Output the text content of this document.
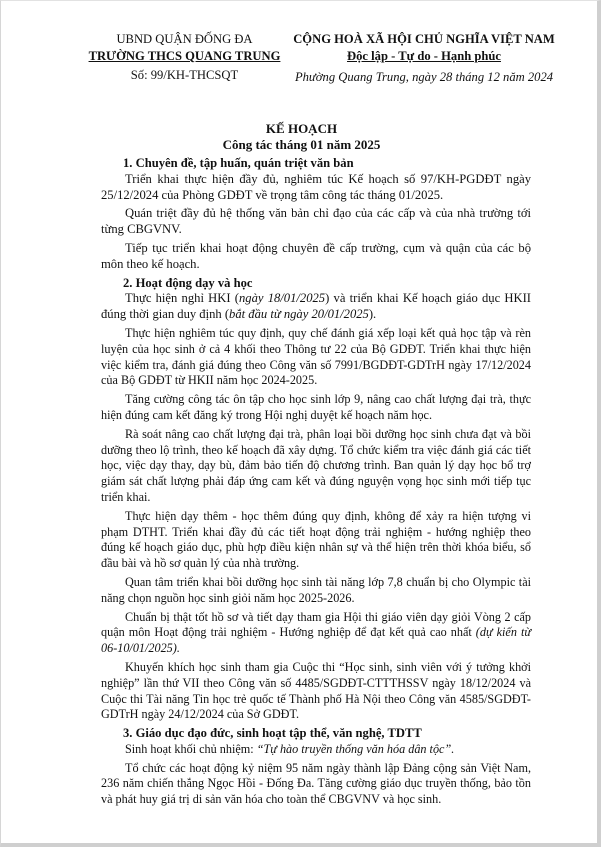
UBND QUẬN ĐỐNG ĐA
TRƯỜNG THCS QUANG TRUNG
Số: 99/KH-THCSQT
CỘNG HOÀ XÃ HỘI CHỦ NGHĨA VIỆT NAM
Độc lập - Tự do - Hạnh phúc
Phường Quang Trung, ngày 28 tháng 12 năm 2024
KẾ HOẠCH
Công tác tháng 01 năm 2025

1. Chuyên đề, tập huấn, quán triệt văn bản

Triển khai thực hiện đầy đủ, nghiêm túc Kế hoạch số 97/KH-PGDĐT ngày 25/12/2024 của Phòng GDĐT về trọng tâm công tác tháng 01/2025.

Quán triệt đầy đủ hệ thống văn bản chỉ đạo của các cấp và của nhà trường tới từng CBGVNV.

Tiếp tục triển khai hoạt động chuyên đề cấp trường, cụm và quận của các bộ môn theo kế hoạch.

2. Hoạt động dạy và học

Thực hiện nghỉ HKI (ngày 18/01/2025) và triển khai Kế hoạch giáo dục HKII đúng thời gian duy định (bắt đầu từ ngày 20/01/2025).

Thực hiện nghiêm túc quy định, quy chế đánh giá xếp loại kết quả học tập và rèn luyện của học sinh ở cả 4 khối theo Thông tư 22 của Bộ GDĐT. Triển khai thực hiện việc kiểm tra, đánh giá đúng theo Công văn số 7991/BGDĐT-GDTrH ngày 17/12/2024 của Bộ GDĐT từ HKII năm học 2024-2025.

Tăng cường công tác ôn tập cho học sinh lớp 9, nâng cao chất lượng đại trà, thực hiện đúng cam kết đăng ký trong Hội nghị duyệt kế hoạch năm học.

Rà soát nâng cao chất lượng đại trà, phân loại bồi dưỡng học sinh chưa đạt và bồi dưỡng theo lộ trình, theo kế hoạch đã xây dựng. Tổ chức kiểm tra việc đánh giá các tiết học, việc dạy thay, dạy bù, đảm bảo tiến độ chương trình. Ban quản lý dạy học bổ trợ giám sát chất lượng phải đáp ứng cam kết và đúng nguyện vọng học sinh mới tiếp tục triển khai.

Thực hiện dạy thêm - học thêm đúng quy định, không để xảy ra hiện tượng vi phạm DTHT. Triển khai đầy đủ các tiết hoạt động trải nghiệm - hướng nghiệp theo đúng kế hoạch giáo dục, phù hợp điều kiện nhân sự và thể hiện trên thời khóa biểu, sổ đầu bài và hồ sơ quản lý của nhà trường.

Quan tâm triển khai bồi dưỡng học sinh tài năng lớp 7,8 chuẩn bị cho Olympic tài năng chọn nguồn học sinh giỏi năm học 2025-2026.

Chuẩn bị thật tốt hồ sơ và tiết dạy tham gia Hội thi giáo viên dạy giỏi Vòng 2 cấp quận môn Hoạt động trải nghiệm - Hướng nghiệp để đạt kết quả cao nhất (dự kiến từ 06-10/01/2025).

Khuyến khích học sinh tham gia Cuộc thi “Học sinh, sinh viên với ý tưởng khởi nghiệp” lần thứ VII theo Công văn số 4485/SGDĐT-CTTTHSSV ngày 18/12/2024 và Cuộc thi Tài năng Tin học trẻ quốc tế Thành phố Hà Nội theo Công văn 4585/SGDĐT-GDTrH ngày 24/12/2024 của Sở GDĐT.

3. Giáo dục đạo đức, sinh hoạt tập thể, văn nghệ, TDTT

Sinh hoạt khối chủ nhiệm: “Tự hào truyền thống văn hóa dân tộc”.

Tổ chức các hoạt động kỷ niệm 95 năm ngày thành lập Đảng cộng sản Việt Nam, 236 năm chiến thắng Ngọc Hồi - Đống Đa. Tăng cường giáo dục truyền thống, bảo tồn và phát huy giá trị di sản văn hóa cho toàn thể CBGVNV và học sinh.
